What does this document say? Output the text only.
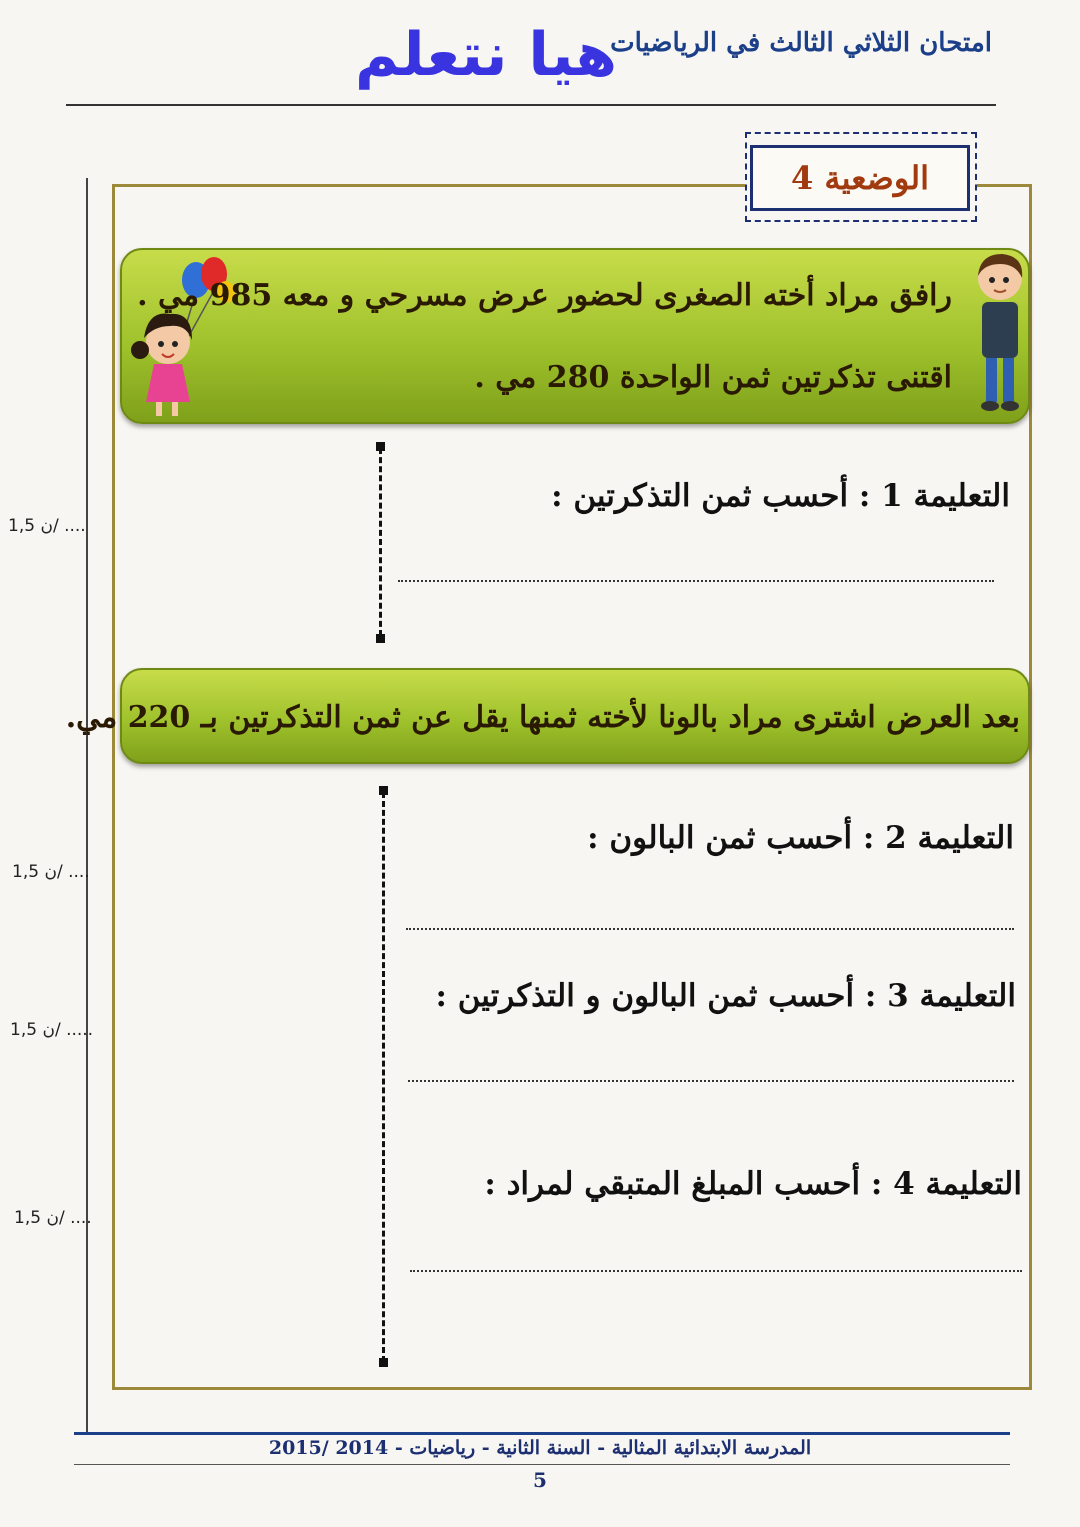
امتحان الثلاثي الثالث في الرياضيات
هيا نتعلم
الوضعية 4
رافق مراد أخته الصغرى لحضور عرض مسرحي و معه 985 مي .
اقتنى تذكرتين ثمن الواحدة 280 مي .
التعليمة 1 : أحسب ثمن التذكرتين :
1,5 ن/ ....
بعد العرض اشترى مراد بالونا لأخته ثمنها يقل عن ثمن التذكرتين بـ 220 مي.
التعليمة 2 : أحسب ثمن البالون :
1,5 ن/ ....
التعليمة 3 : أحسب ثمن البالون و التذكرتين :
1,5 ن/ .....
التعليمة 4 : أحسب المبلغ المتبقي لمراد :
1,5 ن/ ....
المدرسة الابتدائية المثالية - السنة الثانية - رياضيات - 2014 /2015
5
